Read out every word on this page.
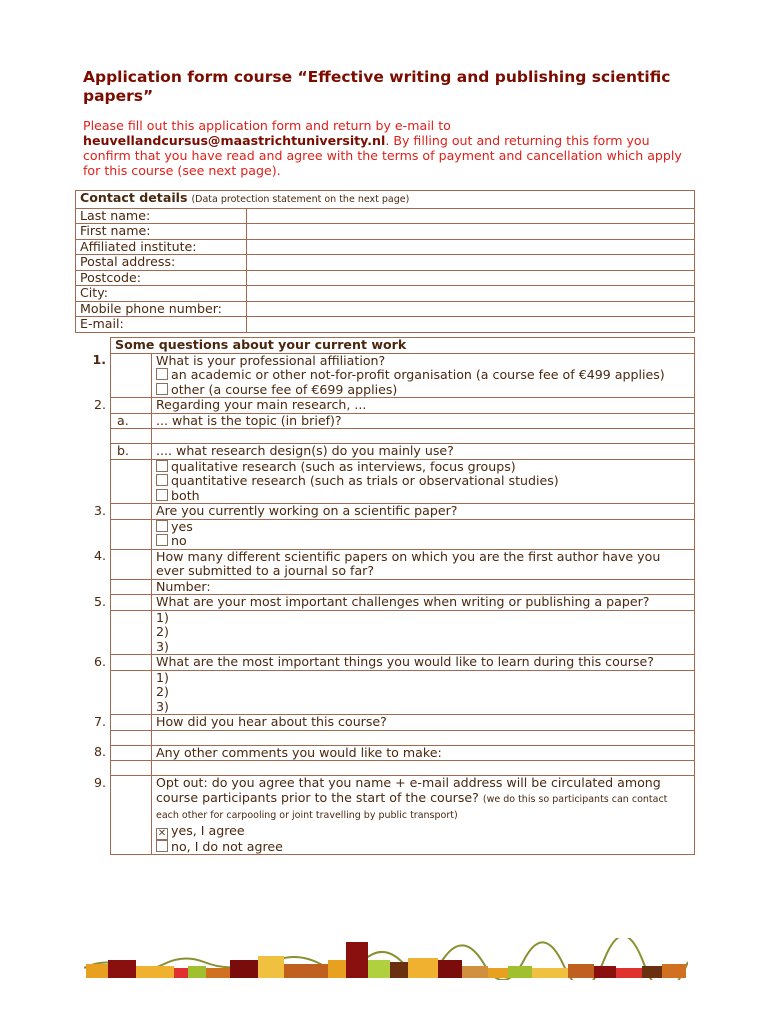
Application form course “Effective writing and publishing scientific papers”
Please fill out this application form and return by e-mail to
heuvellandcursus@maastrichtuniversity.nl. By filling out and returning this form you confirm that you have read and agree with the terms of payment and cancellation which apply for this course (see next page).
Contact details (Data protection statement on the next page)	
Last name:	
First name:	
Affiliated institute:	
Postal address:	
Postcode:	
City:	
Mobile phone number:	
E-mail:	
	Some questions about your current work	
1.		What is your professional affiliation?
an academic or other not-for-profit organisation (a course fee of €499 applies)
other (a course fee of €699 applies)

2.		Regarding your main research, ...
	a.	... what is the topic (in brief)?

	b.	.... what research design(s) do you mainly use?

		qualitative research (such as interviews, focus groups)
quantitative research (such as trials or observational studies)
both

3.		Are you currently working on a scientific paper?

		yes
no

4.		How many different scientific papers on which you are the first author have you ever submitted to a journal so far?
		Number:
5.		What are your most important challenges when writing or publishing a paper?

		1)
2)
3)

6.		What are the most important things you would like to learn during this course?

		1)
2)
3)

7.		How did you hear about this course?

8.		Any other comments you would like to make:

9.		Opt out: do you agree that you name + e-mail address will be circulated among course participants prior to the start of the course? (we do this so participants can contact each other for carpooling or joint travelling by public transport)
✕ yes, I agree
no, I do not agree
